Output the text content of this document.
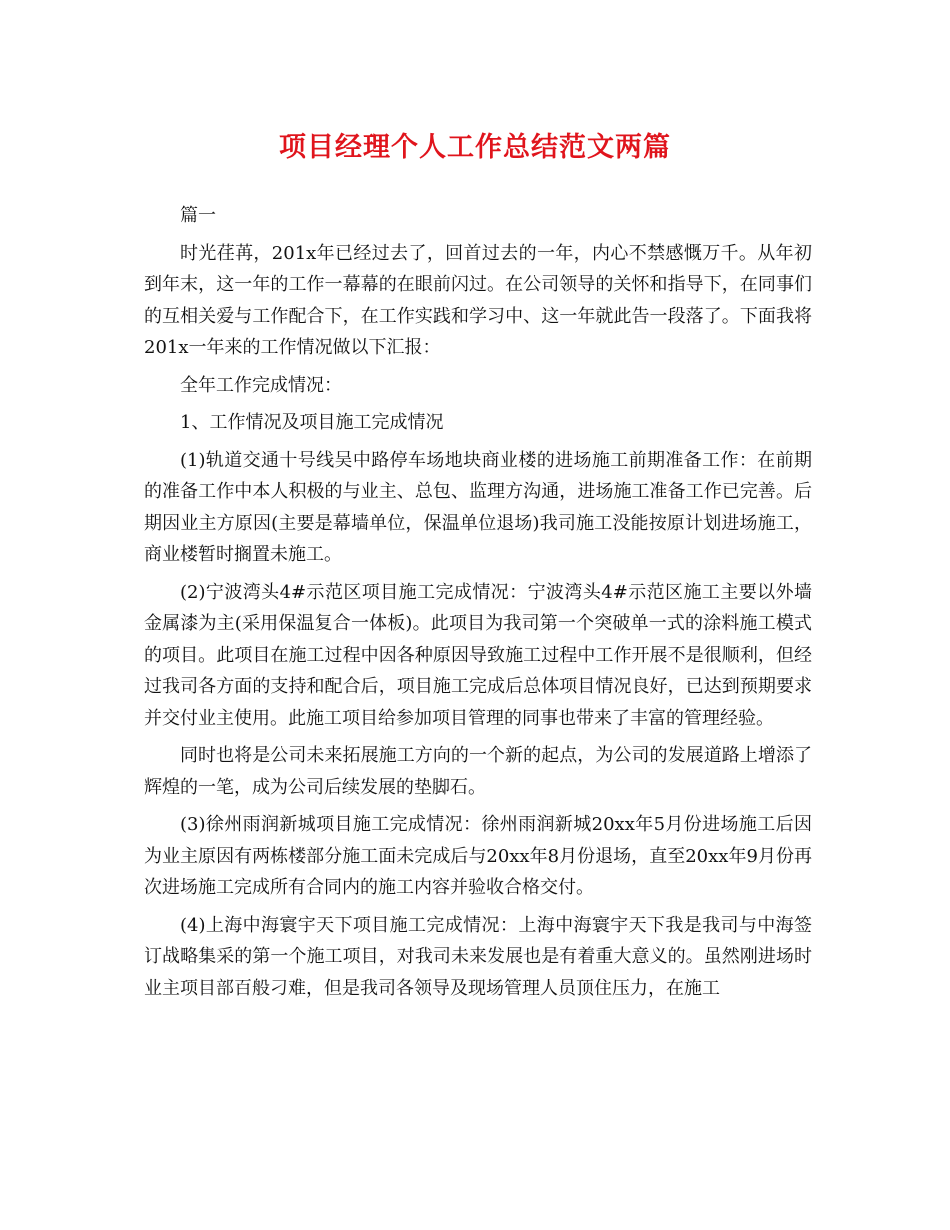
项目经理个人工作总结范文两篇

篇一

时光荏苒，201x年已经过去了，回首过去的一年，内心不禁感慨万千。从年初到年末，这一年的工作一幕幕的在眼前闪过。在公司领导的关怀和指导下，在同事们的互相关爱与工作配合下，在工作实践和学习中、这一年就此告一段落了。下面我将201x一年来的工作情况做以下汇报：

全年工作完成情况：

1、工作情况及项目施工完成情况

(1)轨道交通十号线吴中路停车场地块商业楼的进场施工前期准备工作：在前期的准备工作中本人积极的与业主、总包、监理方沟通，进场施工准备工作已完善。后期因业主方原因(主要是幕墙单位，保温单位退场)我司施工没能按原计划进场施工，商业楼暂时搁置未施工。

(2)宁波湾头4#示范区项目施工完成情况：宁波湾头4#示范区施工主要以外墙金属漆为主(采用保温复合一体板)。此项目为我司第一个突破单一式的涂料施工模式的项目。此项目在施工过程中因各种原因导致施工过程中工作开展不是很顺利，但经过我司各方面的支持和配合后，项目施工完成后总体项目情况良好，已达到预期要求并交付业主使用。此施工项目给参加项目管理的同事也带来了丰富的管理经验。

同时也将是公司未来拓展施工方向的一个新的起点，为公司的发展道路上增添了辉煌的一笔，成为公司后续发展的垫脚石。

(3)徐州雨润新城项目施工完成情况：徐州雨润新城20xx年5月份进场施工后因为业主原因有两栋楼部分施工面未完成后与20xx年8月份退场，直至20xx年9月份再次进场施工完成所有合同内的施工内容并验收合格交付。

(4)上海中海寰宇天下项目施工完成情况：上海中海寰宇天下我是我司与中海签订战略集采的第一个施工项目，对我司未来发展也是有着重大意义的。虽然刚进场时业主项目部百般刁难，但是我司各领导及现场管理人员顶住压力，在施工
